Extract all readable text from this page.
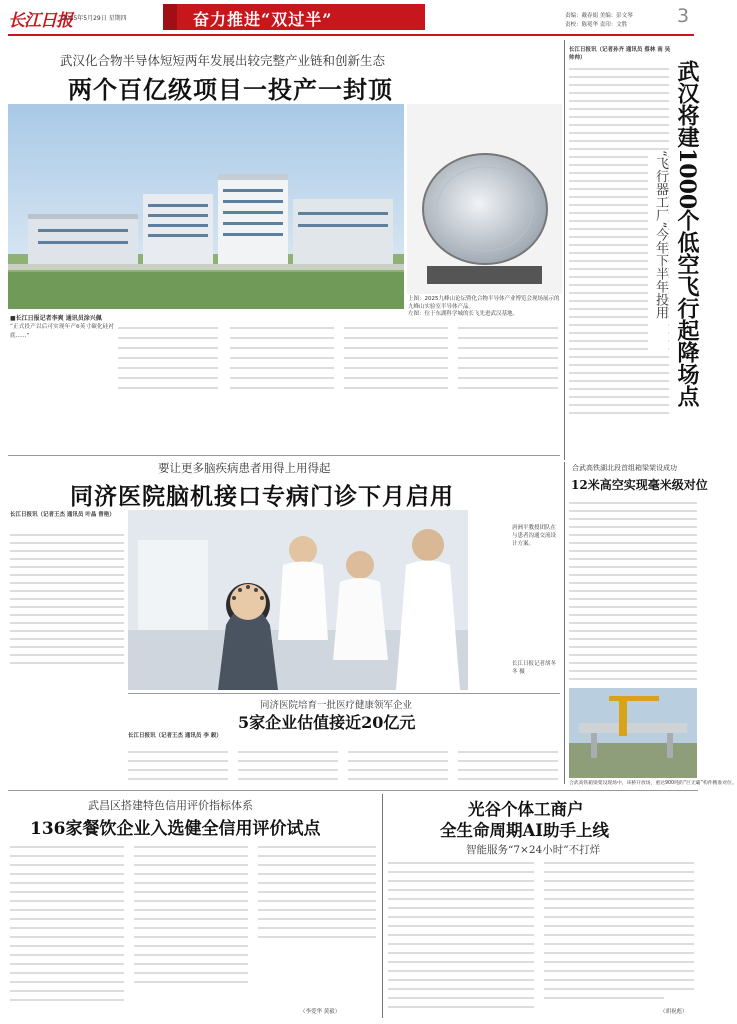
长江日报
2025年5月29日 星期四	奋力推进“双过半”	责编：戴春娟 美编：彭文琴
责校：陈冕华 责印：文胜	3
武汉化合物半导体短短两年发展出较完整产业链和创新生态
两个百亿级项目一投产一封顶
上图：2025九峰山论坛暨化合物半导体产业博览会现场展示的九峰山实验室半导体产品。
左图：位于东湖科学城的长飞先进武汉基地。
■长江日报记者李爽 通讯员涂兴佩
“正式投产以后可实现年产6英寸碳化硅衬底……”
长江日报讯（记者孙齐 通讯员 蔡林 南 吴帅帅）
武汉将建1000个低空飞行起降场点
“飞行器工厂”今年下半年投用
要让更多脑疾病患者用得上用得起
同济医院脑机接口专病门诊下月启用
长江日报讯（记者王杰 通讯员 叶晶 曾艳）
唐洲平教授团队在与患者沟通交流设计方案。
长江日报记者胡冬冬 摄
合武高铁湖北段首组箱梁架设成功
12米高空实现毫米级对位
合武高铁箱梁架设现场中，该桥开放场，重达900吨的“巨无霸”构件精准对位。
同济医院培育一批医疗健康领军企业
5家企业估值接近20亿元
长江日报讯（记者王杰 通讯员 李 毅）
武昌区搭建特色信用评价指标体系
136家餐饮企业入选健全信用评价试点
（李爱华 黄毅）
光谷个体工商户
全生命周期AI助手上线
智能服务“7×24小时”不打烊
（胡祝彪）
